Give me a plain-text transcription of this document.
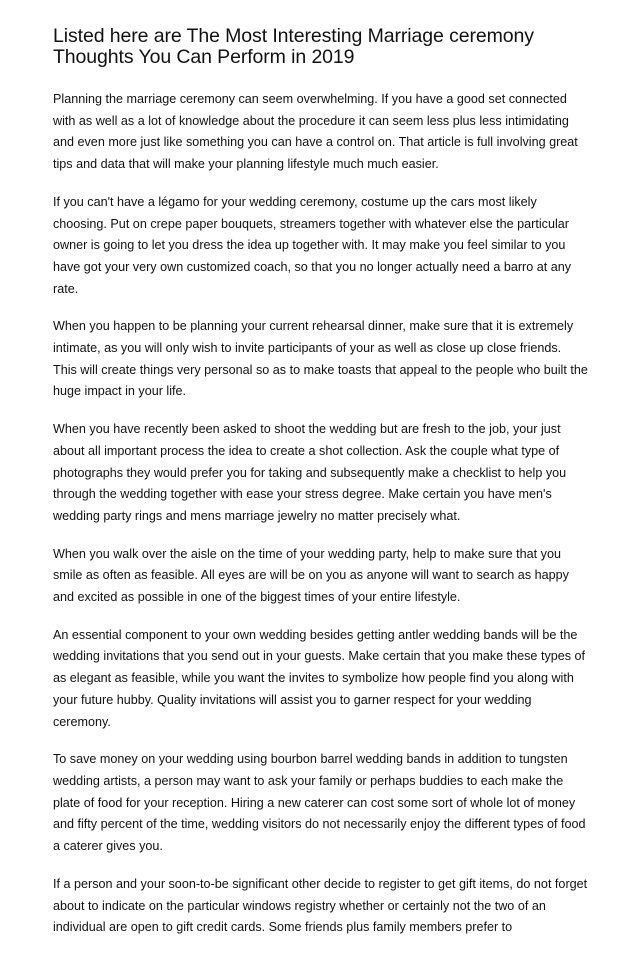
Listed here are The Most Interesting Marriage ceremony
Thoughts You Can Perform in 2019

Planning the marriage ceremony can seem overwhelming. If you have a good set connected with as well as a lot of knowledge about the procedure it can seem less plus less intimidating and even more just like something you can have a control on. That article is full involving great tips and data that will make your planning lifestyle much much easier.

If you can't have a légamo for your wedding ceremony, costume up the cars most likely choosing. Put on crepe paper bouquets, streamers together with whatever else the particular owner is going to let you dress the idea up together with. It may make you feel similar to you have got your very own customized coach, so that you no longer actually need a barro at any rate.

When you happen to be planning your current rehearsal dinner, make sure that it is extremely intimate, as you will only wish to invite participants of your as well as close up close friends. This will create things very personal so as to make toasts that appeal to the people who built the huge impact in your life.

When you have recently been asked to shoot the wedding but are fresh to the job, your just about all important process the idea to create a shot collection. Ask the couple what type of photographs they would prefer you for taking and subsequently make a checklist to help you through the wedding together with ease your stress degree. Make certain you have men's wedding party rings and mens marriage jewelry no matter precisely what.

When you walk over the aisle on the time of your wedding party, help to make sure that you smile as often as feasible. All eyes are will be on you as anyone will want to search as happy and excited as possible in one of the biggest times of your entire lifestyle.

An essential component to your own wedding besides getting antler wedding bands will be the wedding invitations that you send out in your guests. Make certain that you make these types of as elegant as feasible, while you want the invites to symbolize how people find you along with your future hubby. Quality invitations will assist you to garner respect for your wedding ceremony.

To save money on your wedding using bourbon barrel wedding bands in addition to tungsten wedding artists, a person may want to ask your family or perhaps buddies to each make the plate of food for your reception. Hiring a new caterer can cost some sort of whole lot of money and fifty percent of the time, wedding visitors do not necessarily enjoy the different types of food a caterer gives you.

If a person and your soon-to-be significant other decide to register to get gift items, do not forget about to indicate on the particular windows registry whether or certainly not the two of an individual are open to gift credit cards. Some friends plus family members prefer to
